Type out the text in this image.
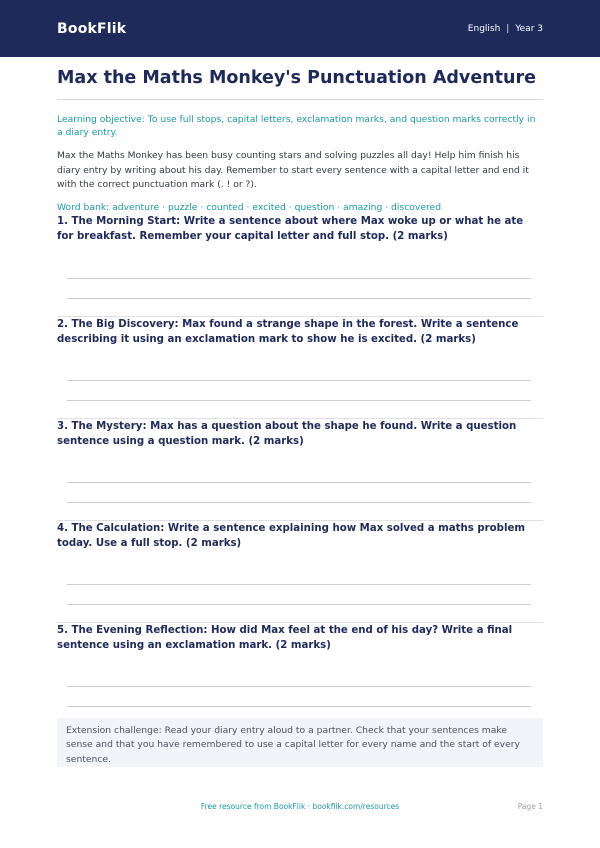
BookFlik	English | Year 3
Max the Maths Monkey's Punctuation Adventure

Learning objective: To use full stops, capital letters, exclamation marks, and question marks correctly in a diary entry.

Max the Maths Monkey has been busy counting stars and solving puzzles all day! Help him finish his diary entry by writing about his day. Remember to start every sentence with a capital letter and end it with the correct punctuation mark (. ! or ?).

Word bank: adventure · puzzle · counted · excited · question · amazing · discovered

1. The Morning Start: Write a sentence about where Max woke up or what he ate for breakfast. Remember your capital letter and full stop. (2 marks)
2. The Big Discovery: Max found a strange shape in the forest. Write a sentence describing it using an exclamation mark to show he is excited. (2 marks)
3. The Mystery: Max has a question about the shape he found. Write a question sentence using a question mark. (2 marks)
4. The Calculation: Write a sentence explaining how Max solved a maths problem today. Use a full stop. (2 marks)
5. The Evening Reflection: How did Max feel at the end of his day? Write a final sentence using an exclamation mark. (2 marks)
Extension challenge: Read your diary entry aloud to a partner. Check that your sentences make sense and that you have remembered to use a capital letter for every name and the start of every sentence.
Free resource from BookFlik · bookflik.com/resources	Page 1
